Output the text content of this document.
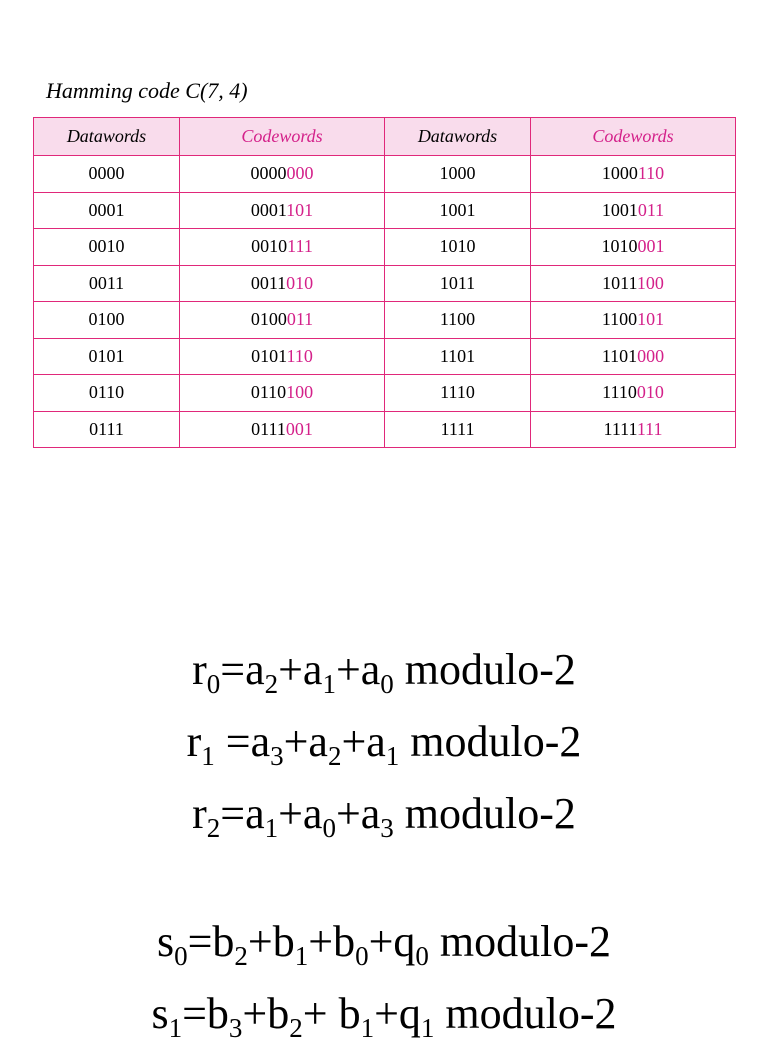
Hamming code C(7, 4)
Datawords	Codewords	Datawords	Codewords
0000	0000000	1000	1000110
0001	0001101	1001	1001011
0010	0010111	1010	1010001
0011	0011010	1011	1011100
0100	0100011	1100	1100101
0101	0101110	1101	1101000
0110	0110100	1110	1110010
0111	0111001	1111	1111111
$r_0=a_2+a_1+a_0$ modulo-2
$r_1 =a_3+a_2+a_1$ modulo-2
$r_2=a_1+a_0+a_3$ modulo-2
$s_0=b_2+b_1+b_0+q_0$ modulo-2
$s_1=b_3+b_2+ b_1+q_1$ modulo-2
